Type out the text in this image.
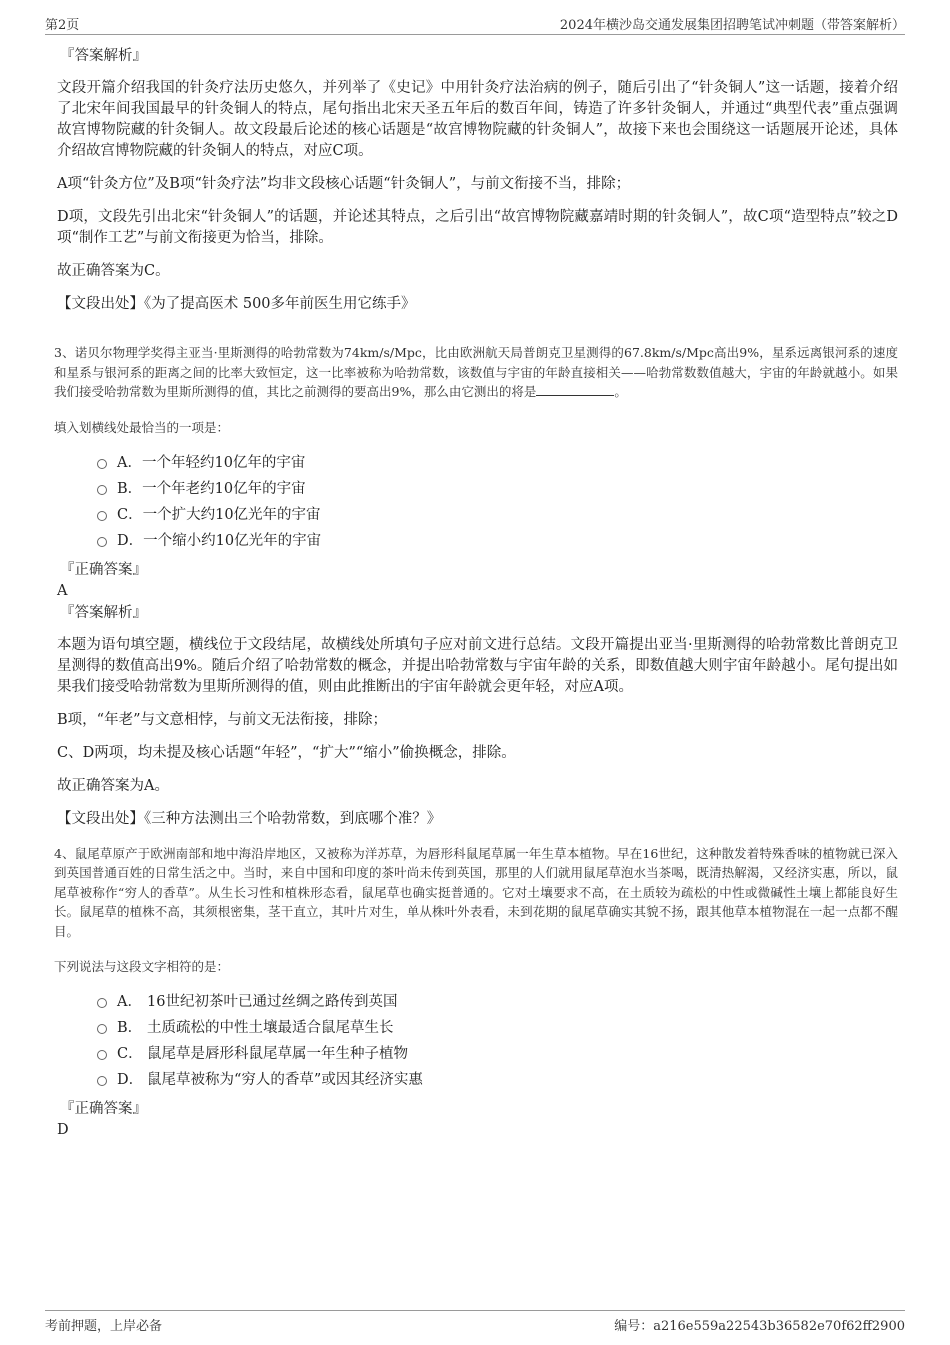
第2页	2024年横沙岛交通发展集团招聘笔试冲刺题（带答案解析）
『答案解析』

文段开篇介绍我国的针灸疗法历史悠久，并列举了《史记》中用针灸疗法治病的例子，随后引出了“针灸铜人”这一话题，接着介绍了北宋年间我国最早的针灸铜人的特点，尾句指出北宋天圣五年后的数百年间，铸造了许多针灸铜人，并通过“典型代表”重点强调故宫博物院藏的针灸铜人。故文段最后论述的核心话题是“故宫博物院藏的针灸铜人”，故接下来也会围绕这一话题展开论述，具体介绍故宫博物院藏的针灸铜人的特点，对应C项。

A项“针灸方位”及B项“针灸疗法”均非文段核心话题“针灸铜人”，与前文衔接不当，排除；

D项，文段先引出北宋“针灸铜人”的话题，并论述其特点，之后引出“故宫博物院藏嘉靖时期的针灸铜人”，故C项“造型特点”较之D项“制作工艺”与前文衔接更为恰当，排除。

故正确答案为C。

【文段出处】《为了提高医术 500多年前医生用它练手》

3、诺贝尔物理学奖得主亚当·里斯测得的哈勃常数为74km/s/Mpc，比由欧洲航天局普朗克卫星测得的67.8km/s/Mpc高出9%，星系远离银河系的速度和星系与银河系的距离之间的比率大致恒定，这一比率被称为哈勃常数，该数值与宇宙的年龄直接相关——哈勃常数数值越大，宇宙的年龄就越小。如果我们接受哈勃常数为里斯所测得的值，其比之前测得的要高出9%，那么由它测出的将是	。

填入划横线处最恰当的一项是：

A．一个年轻约10亿年的宇宙
B．一个年老约10亿年的宇宙
C．一个扩大约10亿光年的宇宙
D．一个缩小约10亿光年的宇宙
『正确答案』
A
『答案解析』

本题为语句填空题，横线位于文段结尾，故横线处所填句子应对前文进行总结。文段开篇提出亚当·里斯测得的哈勃常数比普朗克卫星测得的数值高出9%。随后介绍了哈勃常数的概念，并提出哈勃常数与宇宙年龄的关系，即数值越大则宇宙年龄越小。尾句提出如果我们接受哈勃常数为里斯所测得的值，则由此推断出的宇宙年龄就会更年轻，对应A项。

B项，“年老”与文意相悖，与前文无法衔接，排除；

C、D两项，均未提及核心话题“年轻”，“扩大”“缩小”偷换概念，排除。

故正确答案为A。

【文段出处】《三种方法测出三个哈勃常数，到底哪个准？》

4、鼠尾草原产于欧洲南部和地中海沿岸地区，又被称为洋苏草，为唇形科鼠尾草属一年生草本植物。早在16世纪，这种散发着特殊香味的植物就已深入到英国普通百姓的日常生活之中。当时，来自中国和印度的茶叶尚未传到英国，那里的人们就用鼠尾草泡水当茶喝，既清热解渴，又经济实惠，所以，鼠尾草被称作“穷人的香草”。从生长习性和植株形态看，鼠尾草也确实挺普通的。它对土壤要求不高，在土质较为疏松的中性或微碱性土壤上都能良好生长。鼠尾草的植株不高，其须根密集，茎干直立，其叶片对生，单从株叶外表看，未到花期的鼠尾草确实其貌不扬，跟其他草本植物混在一起一点都不醒目。

下列说法与这段文字相符的是：

A． 16世纪初茶叶已通过丝绸之路传到英国
B． 土质疏松的中性土壤最适合鼠尾草生长
C． 鼠尾草是唇形科鼠尾草属一年生种子植物
D． 鼠尾草被称为“穷人的香草”或因其经济实惠
『正确答案』
D
考前押题，上岸必备	编号：a216e559a22543b36582e70f62ff2900
